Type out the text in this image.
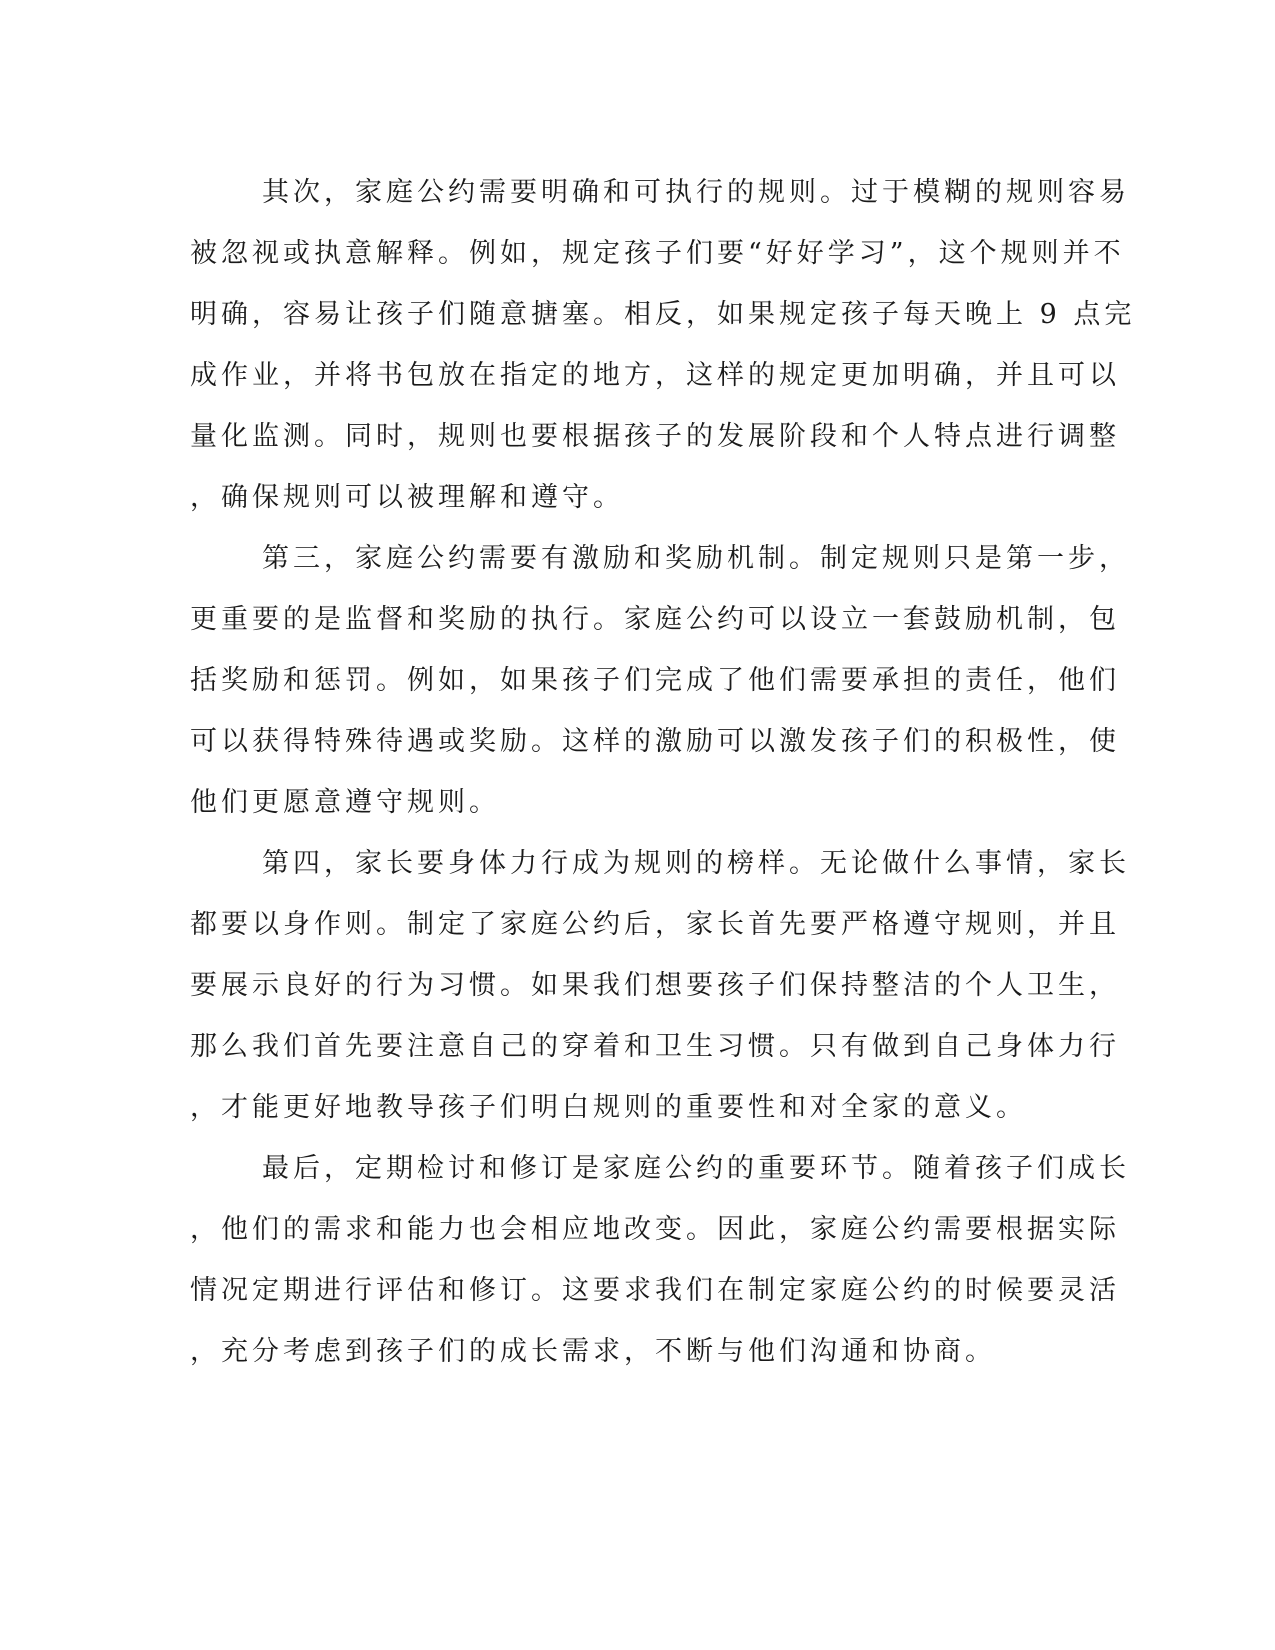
其次，家庭公约需要明确和可执行的规则。过于模糊的规则容易
被忽视或执意解释。例如，规定孩子们要“好好学习”，这个规则并不
明确，容易让孩子们随意搪塞。相反，如果规定孩子每天晚上 9 点完
成作业，并将书包放在指定的地方，这样的规定更加明确，并且可以
量化监测。同时，规则也要根据孩子的发展阶段和个人特点进行调整
，确保规则可以被理解和遵守。
第三，家庭公约需要有激励和奖励机制。制定规则只是第一步，
更重要的是监督和奖励的执行。家庭公约可以设立一套鼓励机制，包
括奖励和惩罚。例如，如果孩子们完成了他们需要承担的责任，他们
可以获得特殊待遇或奖励。这样的激励可以激发孩子们的积极性，使
他们更愿意遵守规则。
第四，家长要身体力行成为规则的榜样。无论做什么事情，家长
都要以身作则。制定了家庭公约后，家长首先要严格遵守规则，并且
要展示良好的行为习惯。如果我们想要孩子们保持整洁的个人卫生，
那么我们首先要注意自己的穿着和卫生习惯。只有做到自己身体力行
，才能更好地教导孩子们明白规则的重要性和对全家的意义。
最后，定期检讨和修订是家庭公约的重要环节。随着孩子们成长
，他们的需求和能力也会相应地改变。因此，家庭公约需要根据实际
情况定期进行评估和修订。这要求我们在制定家庭公约的时候要灵活
，充分考虑到孩子们的成长需求，不断与他们沟通和协商。
